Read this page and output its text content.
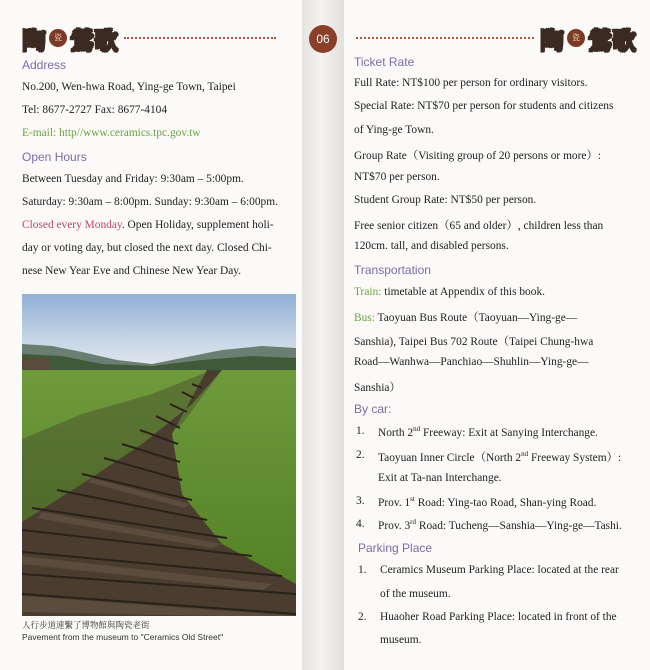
陶	瓷 鶯歌
Address
No.200, Wen-hwa Road, Ying-ge Town, Taipei
Tel: 8677-2727 Fax: 8677-4104
E-mail: http//www.ceramics.tpc.gov.tw
Open Hours
Between Tuesday and Friday: 9:30am – 5:00pm.
Saturday: 9:30am – 8:00pm. Sunday: 9:30am – 6:00pm.
Closed every Monday. Open Holiday, supplement holi-
day or voting day, but closed the next day. Closed Chi-
nese New Year Eve and Chinese New Year Day.
人行步道連繫了博物館與陶瓷老街
Pavement from the museum to "Ceramics Old Street"
06	陶	瓷 鶯歌
Ticket Rate
Full Rate: NT$100 per person for ordinary visitors.
Special Rate: NT$70 per person for students and citizens
of Ying-ge Town.
Group Rate（Visiting group of 20 persons or more）:
NT$70 per person.
Student Group Rate: NT$50 per person.
Free senior citizen（65 and older）, children less than
120cm. tall, and disabled persons.
Transportation
Train: timetable at Appendix of this book.
Bus: Taoyuan Bus Route（Taoyuan—Ying-ge—
Sanshia), Taipei Bus 702 Route（Taipei Chung-hwa
Road—Wanhwa—Panchiao—Shuhlin—Ying-ge—
Sanshia）
By car:
1. North 2nd Freeway: Exit at Sanying Interchange.
2. Taoyuan Inner Circle（North 2nd Freeway System）:
Exit at Ta-nan Interchange.
3. Prov. 1st Road: Ying-tao Road, Shan-ying Road.
4. Prov. 3rd Road: Tucheng—Sanshia—Ying-ge—Tashi.
Parking Place
1. Ceramics Museum Parking Place: located at the rear
of the museum.
2. Huaoher Road Parking Place: located in front of the
museum.
